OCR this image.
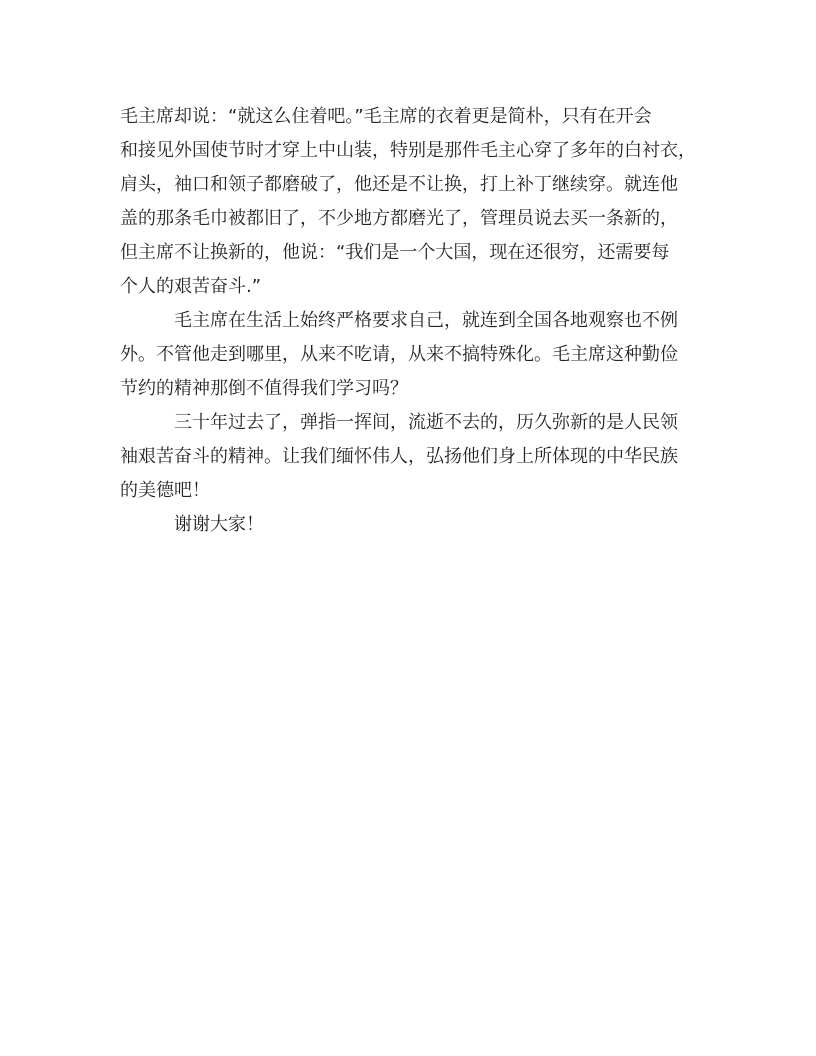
毛主席却说：“就这么住着吧。”毛主席的衣着更是简朴，只有在开会
和接见外国使节时才穿上中山装，特别是那件毛主心穿了多年的白衬衣，
肩头，袖口和领子都磨破了，他还是不让换，打上补丁继续穿。就连他
盖的那条毛巾被都旧了，不少地方都磨光了，管理员说去买一条新的，
但主席不让换新的，他说：“我们是一个大国，现在还很穷，还需要每
个人的艰苦奋斗.”
毛主席在生活上始终严格要求自己，就连到全国各地观察也不例
外。不管他走到哪里，从来不吃请，从来不搞特殊化。毛主席这种勤俭
节约的精神那倒不值得我们学习吗？
三十年过去了，弹指一挥间，流逝不去的，历久弥新的是人民领
袖艰苦奋斗的精神。让我们缅怀伟人，弘扬他们身上所体现的中华民族
的美德吧！
谢谢大家！
